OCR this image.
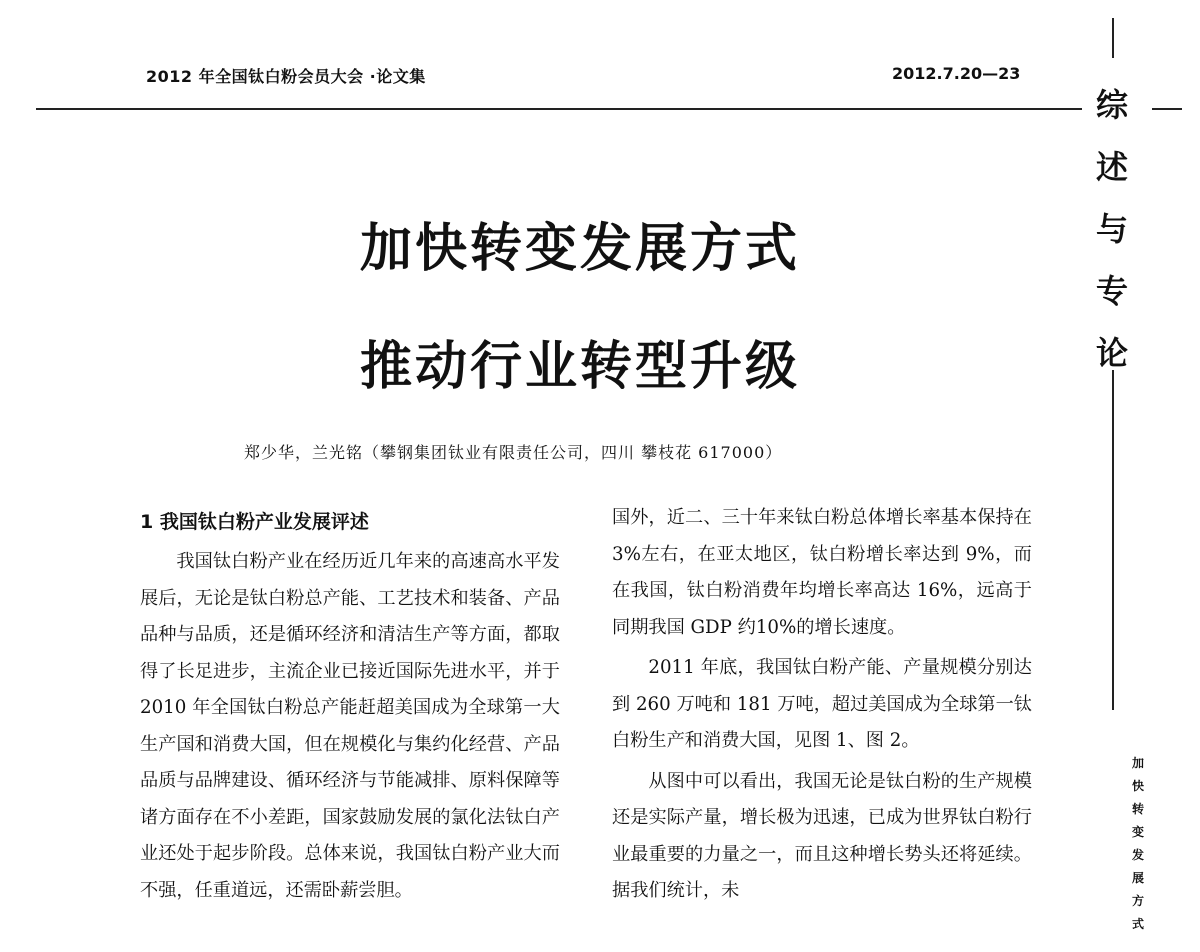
2012 年全国钛白粉会员大会 ·论文集	2012.7.20—23
综
述
与
专
论
加
快
转
变
发
展
方
式
加快转变发展方式
推动行业转型升级
郑少华，兰光铭（攀钢集团钛业有限责任公司，四川 攀枝花 617000）
1 我国钛白粉产业发展评述

我国钛白粉产业在经历近几年来的高速高水平发展后，无论是钛白粉总产能、工艺技术和装备、产品品种与品质，还是循环经济和清洁生产等方面，都取得了长足进步，主流企业已接近国际先进水平，并于 2010 年全国钛白粉总产能赶超美国成为全球第一大生产国和消费大国，但在规模化与集约化经营、产品品质与品牌建设、循环经济与节能减排、原料保障等诸方面存在不小差距，国家鼓励发展的氯化法钛白产业还处于起步阶段。总体来说，我国钛白粉产业大而不强，任重道远，还需卧薪尝胆。

国外，近二、三十年来钛白粉总体增长率基本保持在 3%左右，在亚太地区，钛白粉增长率达到 9%，而在我国，钛白粉消费年均增长率高达 16%，远高于同期我国 GDP 约10%的增长速度。

2011 年底，我国钛白粉产能、产量规模分别达到 260 万吨和 181 万吨，超过美国成为全球第一钛白粉生产和消费大国，见图 1、图 2。

从图中可以看出，我国无论是钛白粉的生产规模还是实际产量，增长极为迅速，已成为世界钛白粉行业最重要的力量之一，而且这种增长势头还将延续。据我们统计，未
